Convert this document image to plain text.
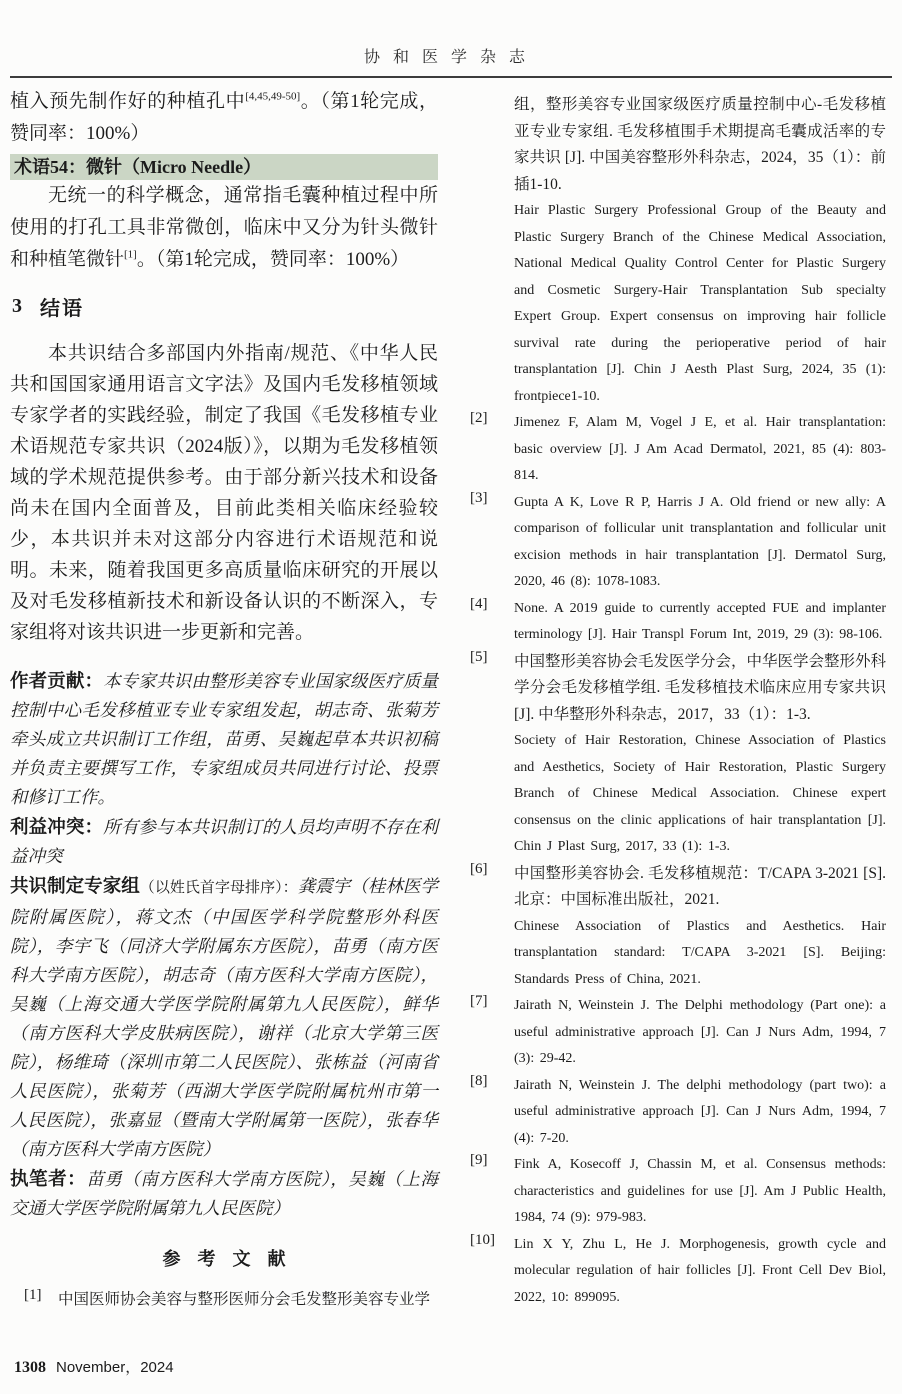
协和医学杂志

植入预先制作好的种植孔中[4,45,49-50]。（第1轮完成，赞同率：100%）

术语54：微针（Micro Needle）

无统一的科学概念，通常指毛囊种植过程中所使用的打孔工具非常微创，临床中又分为针头微针和种植笔微针[1]。（第1轮完成，赞同率：100%）

3 结语

本共识结合多部国内外指南/规范、《中华人民共和国国家通用语言文字法》及国内毛发移植领域专家学者的实践经验，制定了我国《毛发移植专业术语规范专家共识（2024版）》，以期为毛发移植领域的学术规范提供参考。由于部分新兴技术和设备尚未在国内全面普及，目前此类相关临床经验较少，本共识并未对这部分内容进行术语规范和说明。未来，随着我国更多高质量临床研究的开展以及对毛发移植新技术和新设备认识的不断深入，专家组将对该共识进一步更新和完善。

作者贡献：本专家共识由整形美容专业国家级医疗质量控制中心毛发移植亚专业专家组发起，胡志奇、张菊芳牵头成立共识制订工作组，苗勇、吴巍起草本共识初稿并负责主要撰写工作，专家组成员共同进行讨论、投票和修订工作。

利益冲突：所有参与本共识制订的人员均声明不存在利益冲突

共识制定专家组（以姓氏首字母排序）：龚震宇（桂林医学院附属医院），蒋文杰（中国医学科学院整形外科医院），李宇飞（同济大学附属东方医院），苗勇（南方医科大学南方医院），胡志奇（南方医科大学南方医院），吴巍（上海交通大学医学院附属第九人民医院），鲜华（南方医科大学皮肤病医院），谢祥（北京大学第三医院），杨维琦（深圳市第二人民医院）、张栋益（河南省人民医院），张菊芳（西湖大学医学院附属杭州市第一人民医院），张嘉显（暨南大学附属第一医院），张春华（南方医科大学南方医院）

执笔者：苗勇（南方医科大学南方医院），吴巍（上海交通大学医学院附属第九人民医院）

参考文献
[1] 中国医师协会美容与整形医师分会毛发整形美容专业学

组，整形美容专业国家级医疗质量控制中心-毛发移植亚专业专家组. 毛发移植围手术期提高毛囊成活率的专家共识 [J]. 中国美容整形外科杂志，2024，35（1）：前插1-10.

Hair Plastic Surgery Professional Group of the Beauty and Plastic Surgery Branch of the Chinese Medical Association, National Medical Quality Control Center for Plastic Surgery and Cosmetic Surgery-Hair Transplantation Sub specialty Expert Group. Expert consensus on improving hair follicle survival rate during the perioperative period of hair transplantation [J]. Chin J Aesth Plast Surg, 2024, 35 (1): frontpiece1-10.

[2] Jimenez F, Alam M, Vogel J E, et al. Hair transplantation: basic overview [J]. J Am Acad Dermatol, 2021, 85 (4): 803-814.

[3] Gupta A K, Love R P, Harris J A. Old friend or new ally: A comparison of follicular unit transplantation and follicular unit excision methods in hair transplantation [J]. Dermatol Surg, 2020, 46 (8): 1078-1083.

[4] None. A 2019 guide to currently accepted FUE and implanter terminology [J]. Hair Transpl Forum Int, 2019, 29 (3): 98-106.

[5] 中国整形美容协会毛发医学分会，中华医学会整形外科学分会毛发移植学组. 毛发移植技术临床应用专家共识 [J]. 中华整形外科杂志，2017，33（1）：1-3.

Society of Hair Restoration, Chinese Association of Plastics and Aesthetics, Society of Hair Restoration, Plastic Surgery Branch of Chinese Medical Association. Chinese expert consensus on the clinic applications of hair transplantation [J]. Chin J Plast Surg, 2017, 33 (1): 1-3.

[6] 中国整形美容协会. 毛发移植规范：T/CAPA 3-2021 [S]. 北京：中国标准出版社，2021.

Chinese Association of Plastics and Aesthetics. Hair transplantation standard: T/CAPA 3-2021 [S]. Beijing: Standards Press of China, 2021.

[7] Jairath N, Weinstein J. The Delphi methodology (Part one): a useful administrative approach [J]. Can J Nurs Adm, 1994, 7 (3): 29-42.

[8] Jairath N, Weinstein J. The delphi methodology (part two): a useful administrative approach [J]. Can J Nurs Adm, 1994, 7 (4): 7-20.

[9] Fink A, Kosecoff J, Chassin M, et al. Consensus methods: characteristics and guidelines for use [J]. Am J Public Health, 1984, 74 (9): 979-983.

[10] Lin X Y, Zhu L, He J. Morphogenesis, growth cycle and molecular regulation of hair follicles [J]. Front Cell Dev Biol, 2022, 10: 899095.

1308 November，2024
